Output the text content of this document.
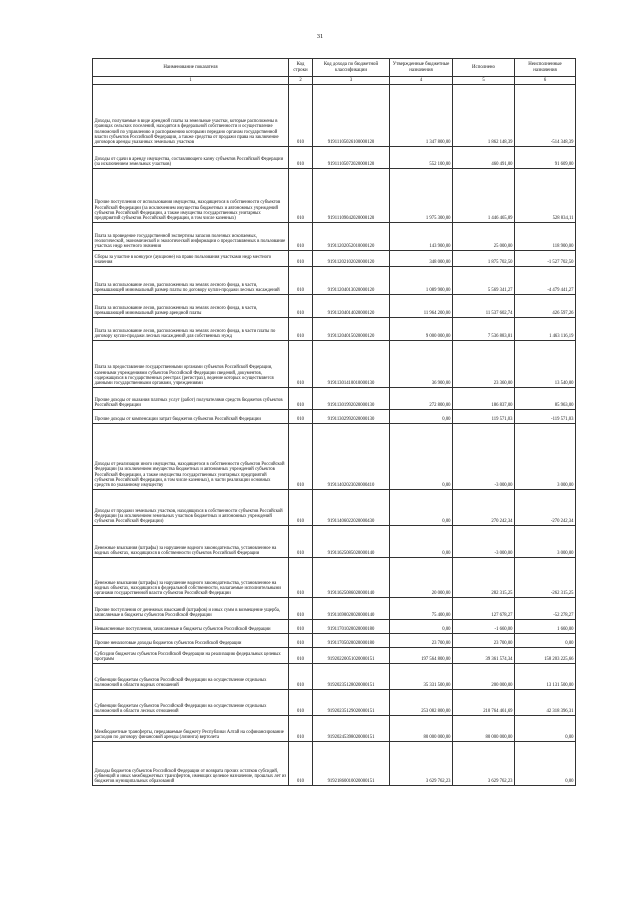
31
Наименование показателя	Код строки	Код дохода по бюджетной классификации	Утвержденные бюджетные назначения	Исполнено	Неисполненные назначения
1	2	3	4	5	6
Доходы, получаемые в виде арендной платы за земельные участки, которые расположены в границах сельских поселений, находятся в федеральной собственности и осуществление полномочий по управлению и распоряжению которыми передано органам государственной власти субъектов Российской Федерации, а также средства от продажи права на заключение договоров аренды указанных земельных участков	010	91911105026100000120	1 347 800,00	1 862 148,39	-514 348,39
Доходы от сдачи в аренду имущества, составляющего казну субъектов Российской Федерации (за исключением земельных участков)	010	91911105072020000120	552 100,00	460 491,00	91 609,00
Прочие поступления от использования имущества, находящегося в собственности субъектов Российской Федерации (за исключением имущества бюджетных и автономных учреждений субъектов Российской Федерации, а также имущества государственных унитарных предприятий субъектов Российской Федерации, в том числе казенных)	010	91911109042020000120	1 975 300,00	1 446 465,89	528 834,11
Плата за проведение государственной экспертизы запасов полезных ископаемых, геологической, экономической и экологической информации о предоставляемых в пользование участках недр местного значения	010	91911202052010000120	143 900,00	25 000,00	118 900,00
Сборы за участие в конкурсе (аукционе) на право пользования участками недр местного значения	010	91911202102020000120	348 000,00	1 875 702,50	-1 527 702,50
Плата за использование лесов, расположенных на землях лесного фонда, в части, превышающей минимальный размер платы по договору купли-продажи лесных насаждений	010	91911204013020000120	1 089 900,00	5 569 341,27	-4 479 441,27
Плата за использование лесов, расположенных на землях лесного фонда, в части, превышающей минимальный размер арендной платы	010	91911204014020000120	11 964 200,00	11 537 602,74	426 597,26
Плата за использование лесов, расположенных на землях лесного фонда, в части платы по договору купли-продажи лесных насаждений для собственных нужд	010	91911204015020000120	9 000 000,00	7 536 883,81	1 463 116,19
Плата за предоставление государственными органами субъектов Российской Федерации, казенными учреждениями субъектов Российской Федерации сведений, документов, содержащихся в государственных реестрах (регистрах), ведение которых осуществляется данными государственными органами, учреждениями	010	91911301410010000130	36 900,00	23 360,00	13 540,00
Прочие доходы от оказания платных услуг (работ) получателями средств бюджетов субъектов Российской Федерации	010	91911301992020000130	272 800,00	186 837,00	85 963,00
Прочие доходы от компенсации затрат бюджетов субъектов Российской Федерации	010	91911302992020000130	0,00	119 571,03	-119 571,03
Доходы от реализации иного имущества, находящегося в собственности субъектов Российской Федерации (за исключением имущества бюджетных и автономных учреждений субъектов Российской Федерации, а также имущества государственных унитарных предприятий субъектов Российской Федерации, в том числе казенных), в части реализации основных средств по указанному имуществу	010	91911402023020000410	0,00	-3 000,00	3 000,00
Доходы от продажи земельных участков, находящихся в собственности субъектов Российской Федерации (за исключением земельных участков бюджетных и автономных учреждений субъектов Российской Федерации)	010	91911406022020000430	0,00	270 242,34	-270 242,34
Денежные взыскания (штрафы) за нарушение водного законодательства, установленное на водных объектах, находящихся в собственности субъектов Российской Федерации	010	91911625085020000140	0,00	-3 000,00	3 000,00
Денежные взыскания (штрафы) за нарушение водного законодательства, установленное на водных объектах, находящихся в федеральной собственности, налагаемые исполнительными органами государственной власти субъектов Российской Федерации	010	91911625086020000140	20 000,00	282 315,25	-262 315,25
Прочие поступления от денежных взысканий (штрафов) и иных сумм в возмещение ущерба, зачисляемые в бюджеты субъектов Российской Федерации	010	91911690020020000140	75 400,00	127 678,27	-52 278,27
Невыясненные поступления, зачисляемые в бюджеты субъектов Российской Федерации	010	91911701020020000180	0,00	-1 660,00	1 660,00
Прочие неналоговые доходы бюджетов субъектов Российской Федерации	010	91911705020020000180	23 700,00	23 700,00	0,00
Субсидии бюджетам субъектов Российской Федерации на реализацию федеральных целевых программ	010	91920220051020000151	197 564 800,00	39 361 574,34	158 203 225,66
Субвенции бюджетам субъектов Российской Федерации на осуществление отдельных полномочий в области водных отношений	010	91920235128020000151	35 331 500,00	200 000,00	13 131 500,00
Субвенции бюджетам субъектов Российской Федерации на осуществление отдельных полномочий в области лесных отношений	010	91920235129020000151	253 082 800,00	210 764 461,69	42 318 396,31
Межбюджетные трансферты, передаваемые бюджету Республики Алтай на софинансирование расходов по договору финансовой аренды (лизинга) вертолета	010	91920245398020000151	80 000 000,00	80 000 000,00	0,00
Доходы бюджетов субъектов Российской Федерации от возврата прочих остатков субсидий, субвенций и иных межбюджетных трансфертов, имеющих целевое назначение, прошлых лет из бюджетов муниципальных образований	010	91921860010020000151	3 629 762,23	3 629 762,23	0,00
